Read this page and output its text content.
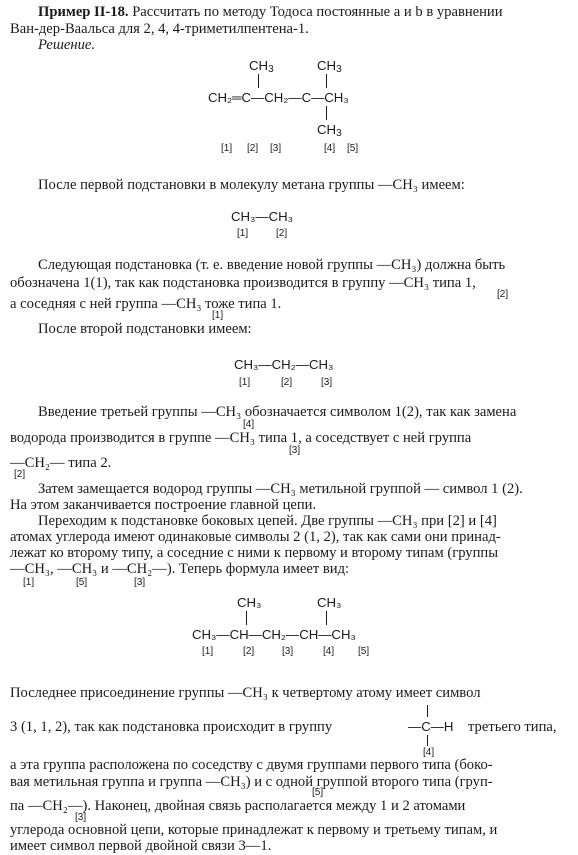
Пример II-18. Рассчитать по методу Тодоса постоянные a и b в уравнении
Ван-дер-Ваальса для 2, 4, 4-триметилпентена-1.
Решение.
$CH_3$	$CH_3$
CH₂═C—CH₂—C—CH₃
$CH_3$
[1] [2] [3]	[4] [5]
После первой подстановки в молекулу метана группы —CH₃ имеем:
CH₃—CH₃
[1]	[2]
Следующая подстановка (т. е. введение новой группы —CH₃) должна быть
обозначена 1(1), так как подстановка производится в группу —CH₃ типа 1,
[2]
а соседняя с ней группа —CH₃ тоже типа 1.
[1]
После второй подстановки имеем:
CH₃—CH₂—CH₃
[1]	[2]	[3]
Введение третьей группы —CH₃ обозначается символом 1(2), так как замена
[4]
водорода производится в группе —CH₃ типа 1, а соседствует с ней группа
[3]
—CH₂— типа 2.
[2]
Затем замещается водород группы —CH₃ метильной группой — символ 1 (2).
На этом заканчивается построение главной цепи.
Переходим к подстановке боковых цепей. Две группы —CH₃ при [2] и [4]
атомах углерода имеют одинаковые символы 2 (1, 2), так как сами они принад-
лежат ко второму типу, а соседние с ними к первому и второму типам (группы
—CH₃, —CH₃ и —CH₂—). Теперь формула имеет вид:
[1]	[5]	[3]
CH₃	CH₃
CH₃—CH—CH₂—CH—CH₃
[1]	[2]	[3]	[4] [5]
Последнее присоединение группы —CH₃ к четвертому атому имеет символ
3 (1, 1, 2), так как подстановка происходит в группу	—C—H третьего типа,
[4]
а эта группа расположена по соседству с двумя группами первого типа (боко-
вая метильная группа и группа —CH₃) и с одной группой второго типа (груп-
[5]
па —CH₂—). Наконец, двойная связь располагается между 1 и 2 атомами
[3]
углерода основной цепи, которые принадлежат к первому и третьему типам, и
имеет символ первой двойной связи 3—1.
